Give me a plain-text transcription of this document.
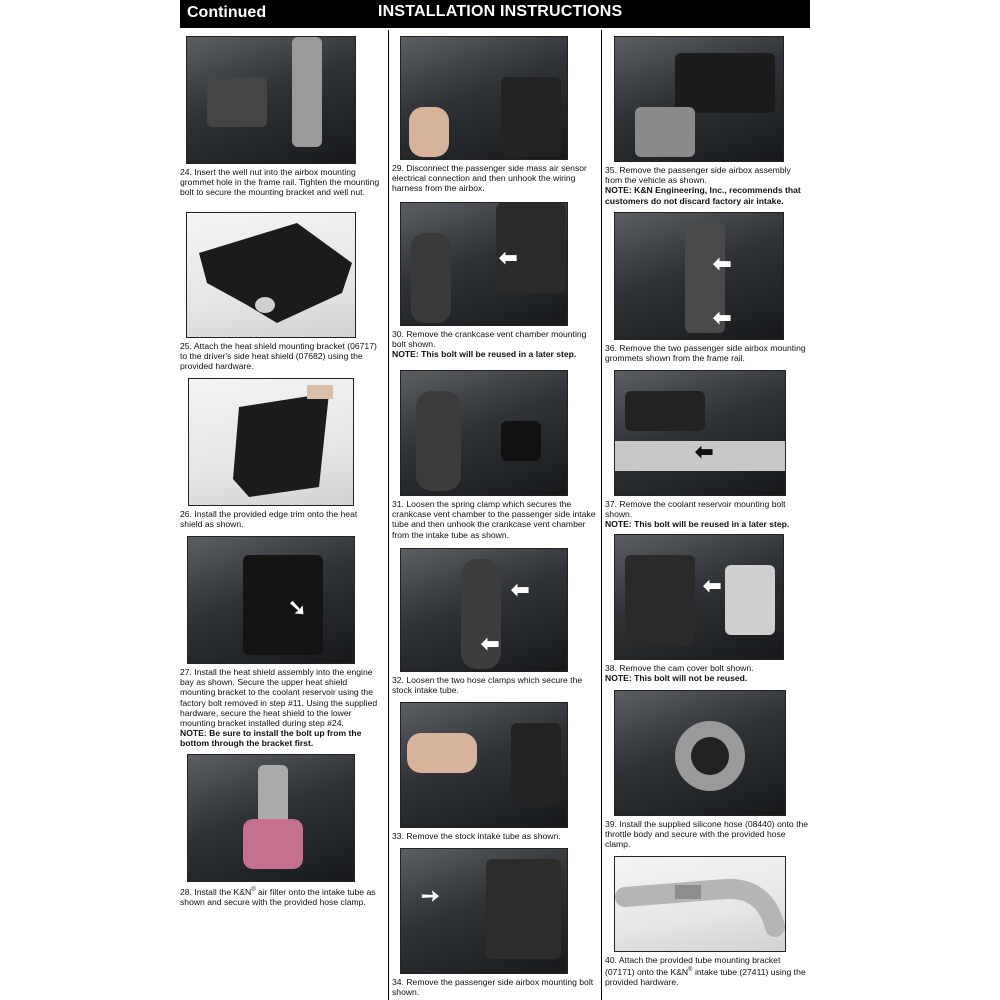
Continued	INSTALLATION INSTRUCTIONS
24. Insert the well nut into the airbox mounting grommet hole in the frame rail. Tighten the mounting bolt to secure the mounting bracket and well nut.
25. Attach the heat shield mounting bracket (06717) to the driver's side heat shield (07682) using the provided hardware.
26. Install the provided edge trim onto the heat shield as shown.
➘
27. Install the heat shield assembly into the engine bay as shown. Secure the upper heat shield mounting bracket to the coolant reservoir using the factory bolt removed in step #11. Using the supplied hardware, secure the heat shield to the lower mounting bracket installed during step #24.
NOTE: Be sure to install the bolt up from the bottom through the bracket first.
28. Install the K&N® air filter onto the intake tube as shown and secure with the provided hose clamp.
29. Disconnect the passenger side mass air sensor electrical connection and then unhook the wiring harness from the airbox.
⬅
30. Remove the crankcase vent chamber mounting bolt shown.
NOTE: This bolt will be reused in a later step.
31. Loosen the spring clamp which secures the crankcase vent chamber to the passenger side intake tube and then unhook the crankcase vent chamber from the intake tube as shown.
⬅
⬅
32. Loosen the two hose clamps which secure the stock intake tube.
33. Remove the stock intake tube as shown.
➙
34. Remove the passenger side airbox mounting bolt shown.
35. Remove the passenger side airbox assembly from the vehicle as shown.
NOTE: K&N Engineering, Inc., recommends that customers do not discard factory air intake.
⬅
⬅
36. Remove the two passenger side airbox mounting grommets shown from the frame rail.
⬅
37. Remove the coolant reservoir mounting bolt shown.
NOTE: This bolt will be reused in a later step.
⬅
38. Remove the cam cover bolt shown.
NOTE: This bolt will not be reused.
39. Install the supplied silicone hose (08440) onto the throttle body and secure with the provided hose clamp.
40. Attach the provided tube mounting bracket (07171) onto the K&N® intake tube (27411) using the provided hardware.
